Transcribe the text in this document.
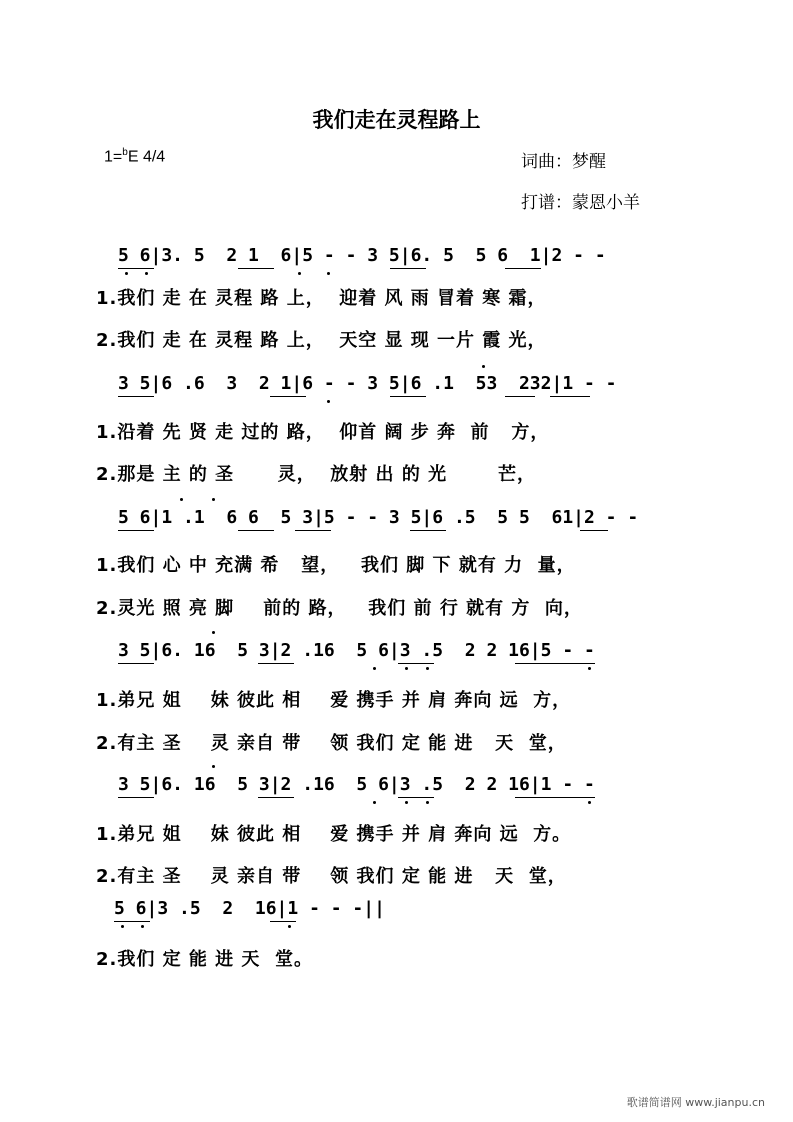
我们走在灵程路上
1=$^b$E 4/4	词曲：梦醒
打谱：蒙恩小羊
5 6|3. 5  2 1  6|5 - - 3 5|6. 5  5 6  1|2 - -
1.我们 走 在 灵程 路 上，  迎着 风 雨 冒着 寒 霜，
2.我们 走 在 灵程 路 上，  天空 显 现 一片 霞 光，
3 5|6 .6  3  2 1|6 - - 3 5|6 .1  53  232|1 - -
1.沿着 先 贤 走 过的 路，  仰首 阔 步 奔  前   方，
2.那是 主 的 圣      灵，  放射 出 的 光       芒，
5 6|1 .1  6 6  5 3|5 - - 3 5|6 .5  5 5  61|2 - -
1.我们 心 中 充满 希   望，   我们 脚 下 就有 力  量，
2.灵光 照 亮 脚    前的 路，   我们 前 行 就有 方  向，
3 5|6. 16  5 3|2 .16  5 6|3 .5  2 2 16|5 - -
1.弟兄 姐    妹 彼此 相    爱 携手 并 肩 奔向 远  方，
2.有主 圣    灵 亲自 带    领 我们 定 能 进   天  堂，
3 5|6. 16  5 3|2 .16  5 6|3 .5  2 2 16|1 - -
1.弟兄 姐    妹 彼此 相    爱 携手 并 肩 奔向 远  方。
2.有主 圣    灵 亲自 带    领 我们 定 能 进   天  堂，
5 6|3 .5  2  16|1 - - -||
2.我们 定 能 进 天  堂。
歌谱简谱网 www.jianpu.cn
